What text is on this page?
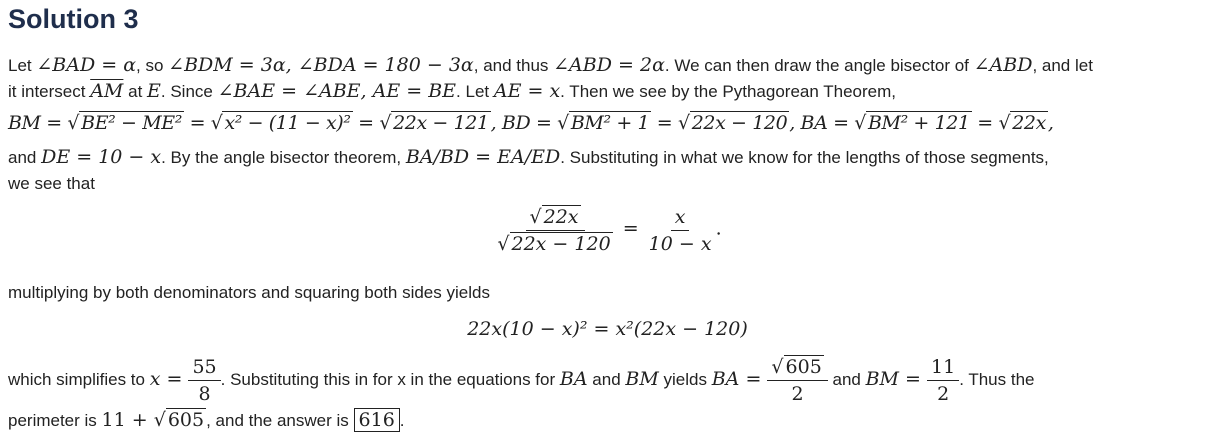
Solution 3
Let ∠BAD = α, so ∠BDM = 3α, ∠BDA = 180 − 3α, and thus ∠ABD = 2α. We can then draw the angle bisector of ∠ABD, and let
it intersect $\overline{AM}$ at E. Since ∠BAE = ∠ABE, AE = BE. Let AE = x. Then we see by the Pythagorean Theorem,
BM = √ BE² − ME² = √ x² − (11 − x)² = √ 22x − 121 , BD = √ BM² + 1 = √ 22x − 120 , BA = √ BM² + 121 = √ 22x ,
and DE = 10 − x. By the angle bisector theorem, BA/BD = EA/ED. Substituting in what we know for the lengths of those segments,
we see that
$\frac{√ 22x}{√ 22x - 120} = \frac{x}{10 - x}$ .
multiplying by both denominators and squaring both sides yields
22x(10 − x)² = x²(22x − 120)
which simplifies to $x = \frac{55}{8}$ . Substituting this in for x in the equations for BA and BM yields BA = $\frac{√ 605}{2}$ and BM = $\frac{11}{2}$ . Thus the
perimeter is 11 + √ 605 , and the answer is 616 .
